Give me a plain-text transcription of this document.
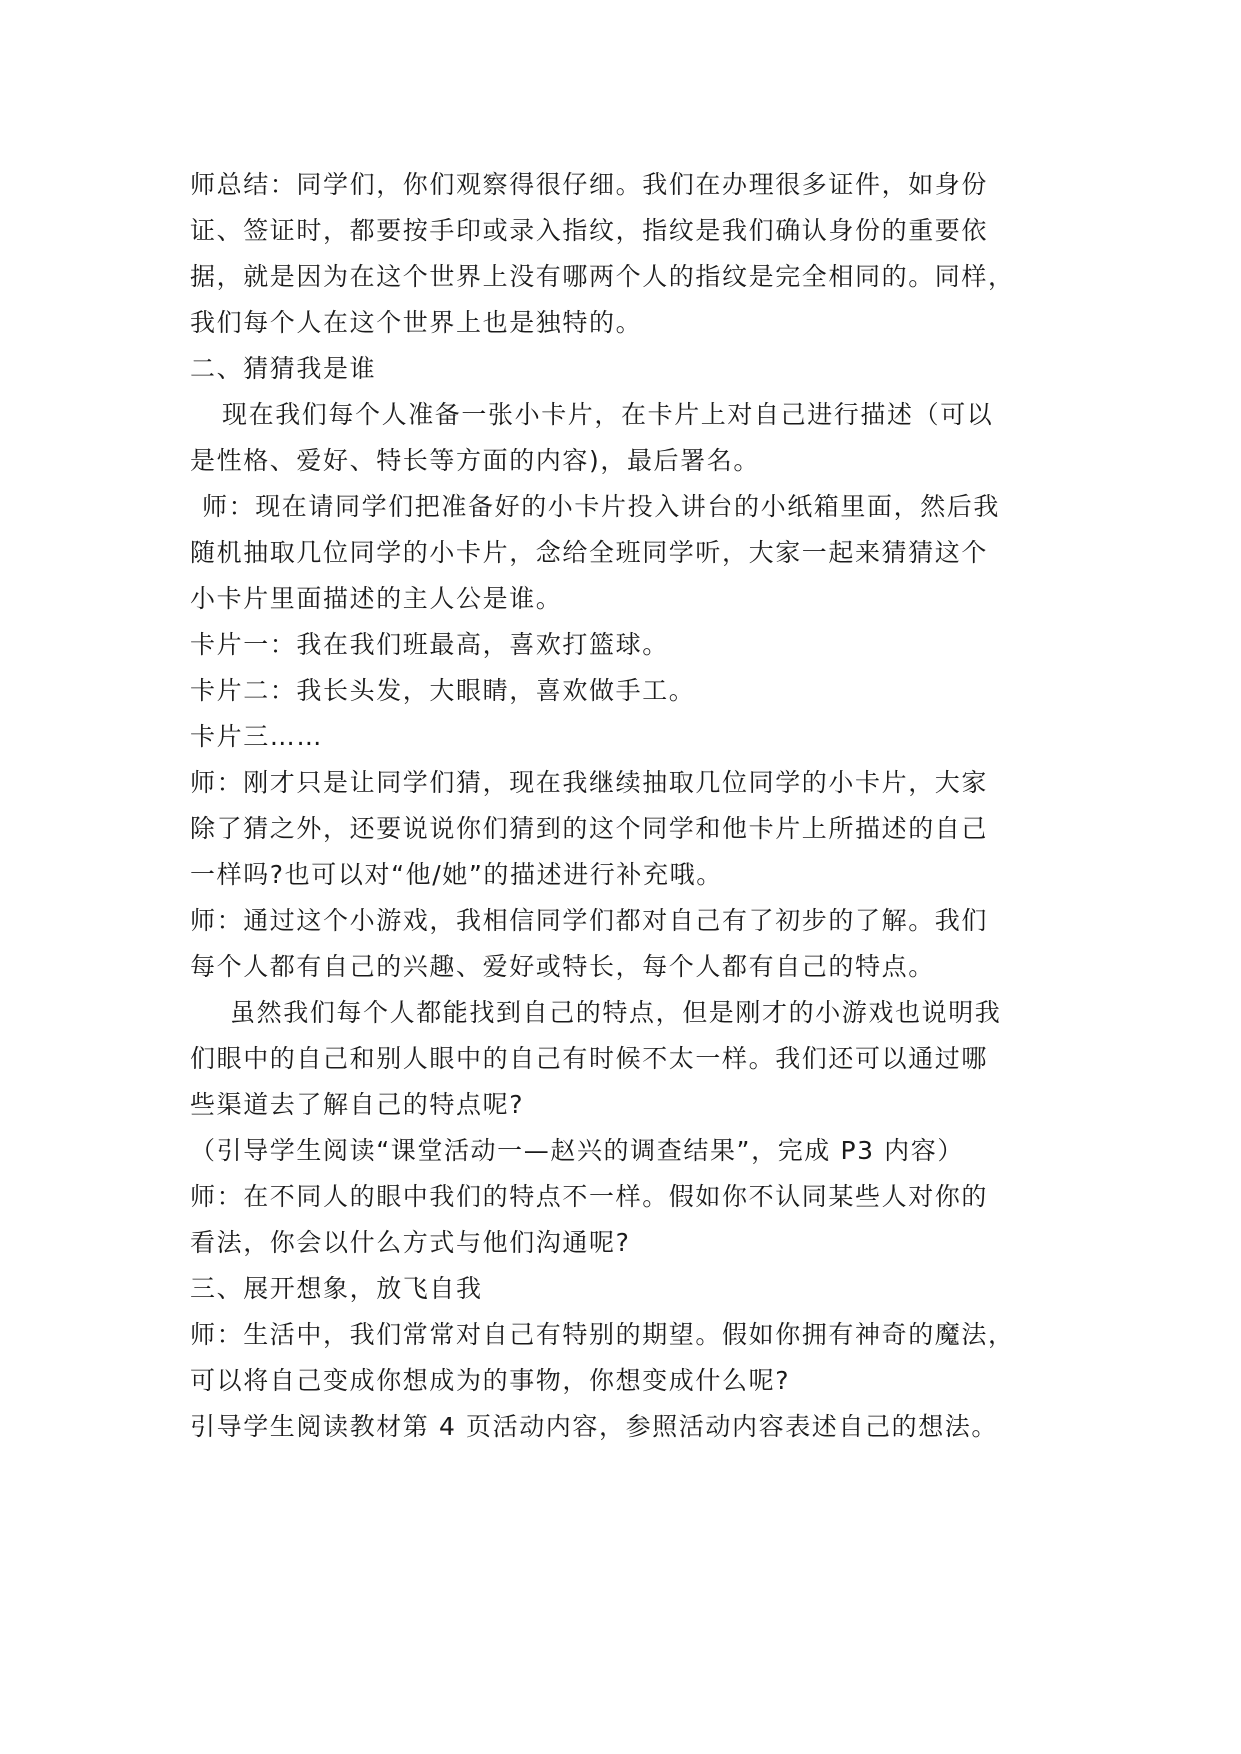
师总结：同学们，你们观察得很仔细。我们在办理很多证件，如身份
证、签证时，都要按手印或录入指纹，指纹是我们确认身份的重要依
据，就是因为在这个世界上没有哪两个人的指纹是完全相同的。同样，
我们每个人在这个世界上也是独特的。
二、猜猜我是谁
现在我们每个人准备一张小卡片，在卡片上对自己进行描述（可以
是性格、爱好、特长等方面的内容)，最后署名。
师：现在请同学们把准备好的小卡片投入讲台的小纸箱里面，然后我
随机抽取几位同学的小卡片，念给全班同学听，大家一起来猜猜这个
小卡片里面描述的主人公是谁。
卡片一：我在我们班最高，喜欢打篮球。
卡片二：我长头发，大眼睛，喜欢做手工。
卡片三……
师：刚才只是让同学们猜，现在我继续抽取几位同学的小卡片，大家
除了猜之外，还要说说你们猜到的这个同学和他卡片上所描述的自己
一样吗?也可以对“他/她”的描述进行补充哦。
师：通过这个小游戏，我相信同学们都对自己有了初步的了解。我们
每个人都有自己的兴趣、爱好或特长，每个人都有自己的特点。
虽然我们每个人都能找到自己的特点，但是刚才的小游戏也说明我
们眼中的自己和别人眼中的自己有时候不太一样。我们还可以通过哪
些渠道去了解自己的特点呢?
（引导学生阅读“课堂活动一—赵兴的调查结果”，完成 P3 内容）
师：在不同人的眼中我们的特点不一样。假如你不认同某些人对你的
看法，你会以什么方式与他们沟通呢?
三、展开想象，放飞自我
师：生活中，我们常常对自己有特别的期望。假如你拥有神奇的魔法，
可以将自己变成你想成为的事物，你想变成什么呢?
引导学生阅读教材第 4 页活动内容，参照活动内容表述自己的想法。
